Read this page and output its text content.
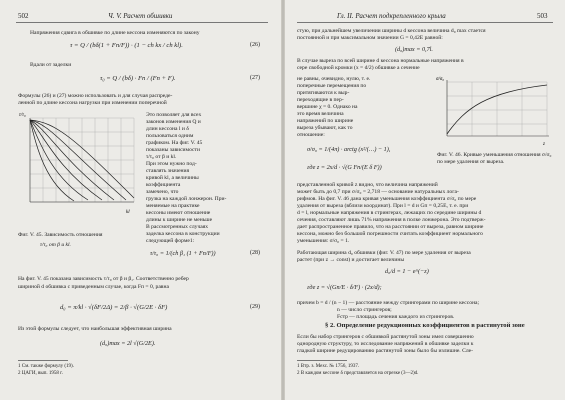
502	Ч. V. Расчет обшивки
Напряжения сдвига в обшивке по длине кессона изменяются по закону
τ = Q / (bδ(1 + Fп/F)) · (1 − ch kx / ch kl).	(26)
Вдали от заделки
τ₀ = Q / (bδ) · Fп / (Fп + F).	(27)
Формулы (26) и (27) можно использовать и для случая распреде-
ленной по длине кессона нагрузки при изменении поперечной
τ/τ₀
kl
Это позволяет для всех
законов изменения Q и
длин кессона l и δ
пользоваться одним
графиком. На фиг. V. 45
показаны зависимости
τ/τ₀ от β и kl.
При этом нужно под-
ставлять значения
кривой kl, а величины
коэффициента
замечено, что
грузка на каждой лонжерон. При-
меняемые на практике
кессоны имеют отношение
длины к ширине не меньше
В рассмотренных случаях
заделка кессона в конструкции
следующей форме1:
Фиг. V. 45. Зависимость отношения
τ/τ₀ от β и kl.
τ/τ₀ = 1/(ch β₁ (1 + Fп/F))	(28)
На фиг. V. 45 показана зависимость τ/τ₀ от β и β₁. Соответственно ребер
шириной d обшивка с приведенным случае, когда Fп = 0, равна
d₀ = π/kl · √(δF/2Δ) = 2/β · √(G/2E · δF)	(29)
Из этой формулы следует, что наибольшая эффективная ширина
(d₀)max = 2l √(G/2E).
1 См. также формулу (19).
2 ЦАГИ, вып. 1958 г.
Гл. II. Расчет подкрепленного крыла	503
стую, при дальнейшем увеличении ширины d кессона величина d₀ max стается
постоянной и при максимальном значении G = 0,42E равной:
(d₀)max = 0,7l.
В случае выреза по всей ширине d кессона нормальные напряжения в
сере свободной кромки (x = d/2) обшивке а сечение
не равны, очевидно, нулю, т. е.
поперечные перемещения по
притягиваются к выр-
переходящие в пер-
вершине χ = 0. Однако на
это время величина
напряжений по ширине
выреза убывают, как то
отношение:
σ/σ₀ = 1/(4π) · arctg (x²/(…) − 1),
где z = 2x/d · √(G Fп/(E δ F))
σ/σ₀
z
Фиг. V. 46. Кривые уменьшения отношения σ/σ₀ по мере удаления от выреза.
представленной кривой z видно, что величина напряжений
может быть до 0,7 при σ/σ₀ = 2,718 — основание натуральных лога-
рифмов. На фиг. V. 46 дана кривая уменьшения коэффициента σ/σ₀ по мере
удаления от выреза (вблизи координат). При l = d и Gп = 0,25E, т. е. при
d = l, нормальные напряжения в стрингерах, лежащих по середине ширины d
сечения, составляют лишь 71% напряжения в полке лонжерона. Это подтверж-
дает распространенное правило, что на расстоянии от выреза, равном ширине
кессона, можно без большой погрешности считать коэффициент нормального
уменьшения: σ/σ₀ = 1.
Работающая ширина d₀ обшивки (фиг. V. 47) по мере удаления от выреза
растет (при z → const) и достигает величины
d₀/d = 1 − e^(−z)
где z = √(Gп/E · δ/F) · (2x/d);
причем b = d / (n − 1) — расстояние между стрингерами по ширине кессона;
n — число стрингеров;
Fстр — площадь сечения каждого из стрингеров.
§ 2. Определение редукционных коэффициентов в растянутой зоне
Если бы набор стрингеров с обшивкой растянутой зоны имел совершенно
однородную структуру, то исследование напряжений в обшивке заделки к
гладкой ширине редуцированию растянутой зоны было бы излишне. Сле-
1 Втр. з. Мехс. № 1756, 1937.
2 В каждом кессоне δ представляется на отрезке (3—2)d.
